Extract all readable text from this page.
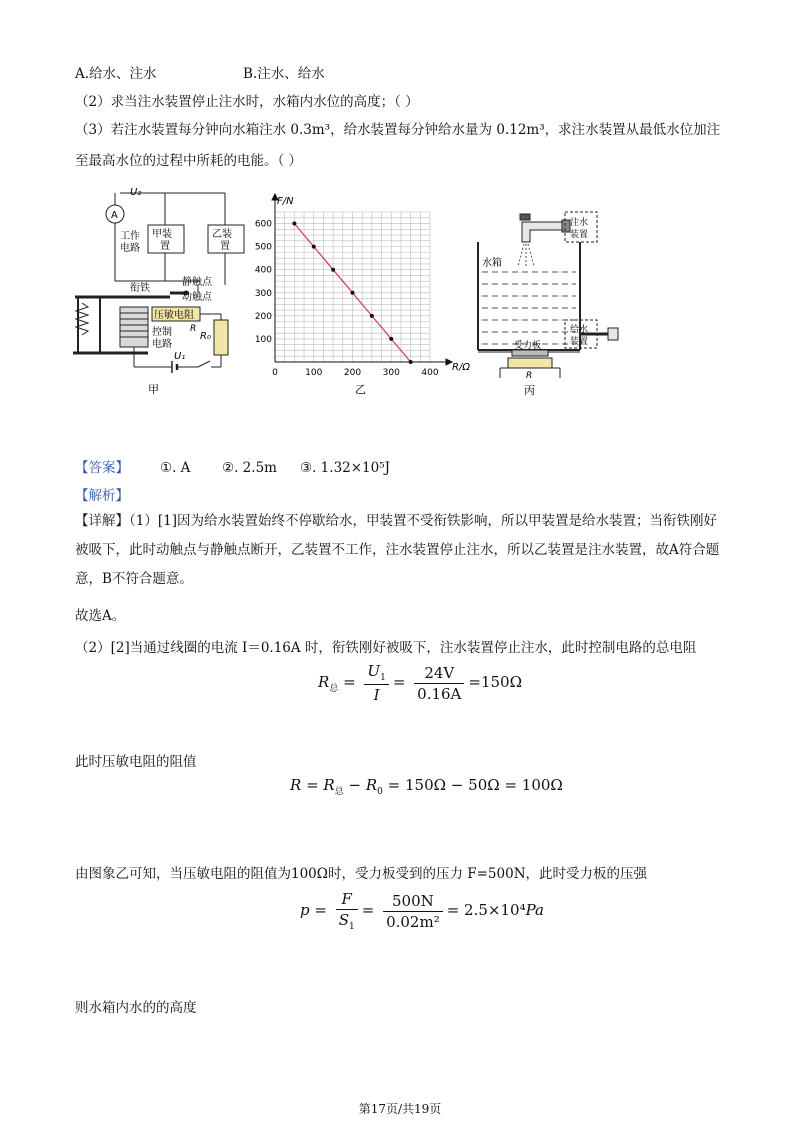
A.给水、注水	B.注水、给水
（2）求当注水装置停止注水时，水箱内水位的高度；（ ）
（3）若注水装置每分钟向水箱注水 0.3m³，给水装置每分钟给水量为 0.12m³，求注水装置从最低水位加注
至最高水位的过程中所耗的电能。（ ）
A
U₂
工作
电路
甲装
置
乙装
置
衔铁
静触点
动触点
压敏电阻
R
控制
电路
R₀
U₁
甲
0	100 200 300 400
100
200
300
400
500
600
F/N
R/Ω
乙
注水
装置
水箱
给水
装置
受力板
R
丙
【答案】 ①. A ②. 2.5m ③. 1.32×10⁵J
【解析】
【详解】（1）[1]因为给水装置始终不停歇给水，甲装置不受衔铁影响，所以甲装置是给水装置；当衔铁刚好被吸下，此时动触点与静触点断开，乙装置不工作，注水装置停止注水，所以乙装置是注水装置，故A符合题意，B不符合题意。
故选A。
（2）[2]当通过线圈的电流 I＝0.16A 时，衔铁刚好被吸下，注水装置停止注水，此时控制电路的总电阻
$R_总 = \frac{U_1}{I} = \frac{24V}{0.16A} =150\Omega$
此时压敏电阻的阻值
$R = R_总 - R_0 = 150\Omega - 50\Omega = 100\Omega$
由图象乙可知，当压敏电阻的阻值为100Ω时，受力板受到的压力 F=500N，此时受力板的压强
$p = \frac{F}{S_1} = \frac{500N}{\text{0.02m²}} = 2.5\times 10^4Pa$
则水箱内水的的高度
第17页/共19页
